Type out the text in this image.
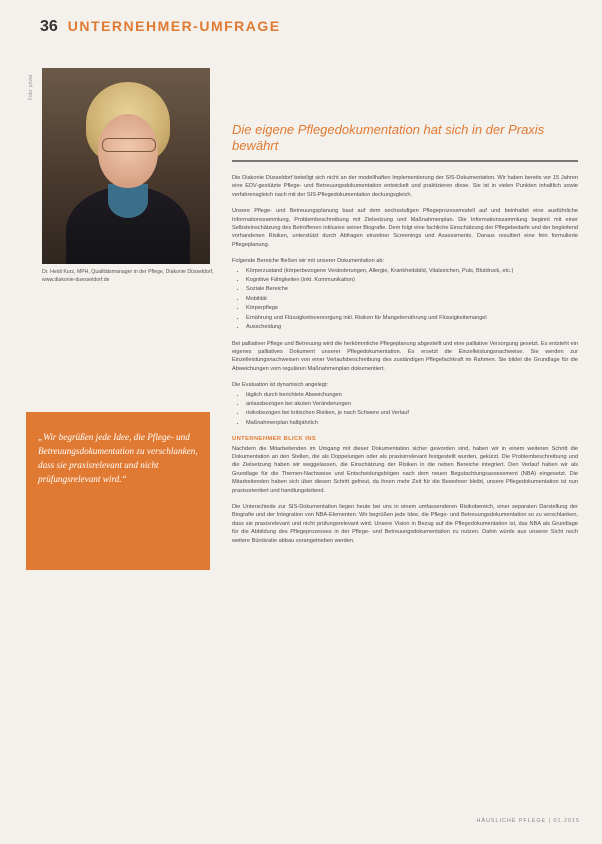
36 UNTERNEHMER-UMFRAGE
Foto: privat
Dr. Heidi Kurz, MPH, Qualitätsmanager in der Pflege, Diakonie Düsseldorf, www.diakonie-duesseldorf.de
„Wir begrüßen jede Idee, die Pflege- und Betreuungsdokumentation zu verschlanken, dass sie praxisrelevant und nicht prüfungsrelevant wird.“
Die eigene Pflegedokumentation hat sich in der Praxis bewährt

Die Diakonie Düsseldorf beteiligt sich nicht an der modellhaften Implementierung der SIS-Dokumentation. Wir haben bereits vor 15 Jahren eine EDV-gestützte Pflege- und Betreuungsdokumentation entwickelt und praktizieren diese. Sie ist in vielen Punkten inhaltlich sowie verfahrensgleich nach mit der SIS-Pflegedokumentation deckungsgleich.

Unsere Pflege- und Betreuungsplanung baut auf dem sechsstufigen Pflegeprozessmodell auf und beinhaltet eine ausführliche Informationssammlung, Problembeschreibung mit Zielsetzung und Maßnahmenplan. Die Informationssammlung beginnt mit einer Selbsteinschätzung des Betroffenen inklusive seiner Biografie. Dem folgt eine fachliche Einschätzung der Pflegebedarfe und der begleitend vorhandenen Risiken, unterstützt durch Abfragen einzelner Screenings und Assessments. Daraus resultiert eine fein formulierte Pflegeplanung.

Folgende Bereiche fließen wir mit unserer Dokumentation ab:

• Körperzustand (körperbezogene Veränderungen, Allergie, Krankheitsbild, Vitalzeichen, Puls, Blutdruck, etc.)
• Kognitive Fähigkeiten (inkl. Kommunikation)
• Soziale Bereiche
• Mobilität
• Körperpflege
• Ernährung und Flüssigkeitsversorgung inkl. Risiken für Mangelernährung und Flüssigkeitsmangel
• Ausscheidung

Bei palliativer Pflege und Betreuung wird die herkömmliche Pflegeplanung abgestellt und eine palliative Versorgung gesetzt. Es entsteht ein eigenes palliatives Dokument unserer Pflegedokumentation. Es ersetzt die Einzelleistungsnachweise. Sie werden zur Einzelleistungsnachweisen von einer Verlaufsbeschreibung des zuständigen Pflegefachkraft im Rahmen. Sie bildet die Grundlage für die Abweichungen vom regulären Maßnahmenplan dokumentiert.

Die Evaluation ist dynamisch angelegt:

• täglich durch berichtete Abweichungen
• anlassbezogen bei akuten Veränderungen
• risikobezogen bei kritischen Risiken, je nach Schwere und Verlauf
• Maßnahmenplan halbjährlich
UNTERNEHMER BLICK INS

Nachdem die Mitarbeitenden im Umgang mit dieser Dokumentation sicher geworden sind, haben wir in einem weiteren Schritt die Dokumentation an den Stellen, die als Doppelungen oder als praxisirrelevant festgestellt wurden, gekürzt. Die Problembeschreibung und die Zielsetzung haben wir weggelassen, die Einschätzung der Risiken in die neben Bereiche integriert. Den Verlauf haben wir als Grundlage für die Themen-Nachweise und Entscheidungsbögen nach dem neuen Begutachtungsassessment (NBA) eingesetzt. Die Mitarbeitenden haben sich über diesen Schritt gefreut, da ihnen mehr Zeit für die Bewohner bleibt, unsere Pflegedokumentation ist nun praxisorientiert und handlungsleitend.

Die Unterschiede zur SIS-Dokumentation liegen heute bei uns in einem umfassenderen Risikobereich, einer separaten Darstellung der Biografie und der Integration von NBA-Elementen. Wir begrüßen jede Idee, die Pflege- und Betreuungsdokumentation so zu verschlanken, dass sie praxisrelevant und nicht prüfungsrelevant wird. Unsere Vision in Bezug auf die Pflegedokumentation ist, das NBA als Grundlage für die Abbildung des Pflegeprozesses in der Pflege- und Betreuungsdokumentation zu nutzen. Dahin würde aus unserer Sicht noch weitere Bürokratie abbau vorangetrieben werden.

HÄUSLICHE PFLEGE | 01.2015
